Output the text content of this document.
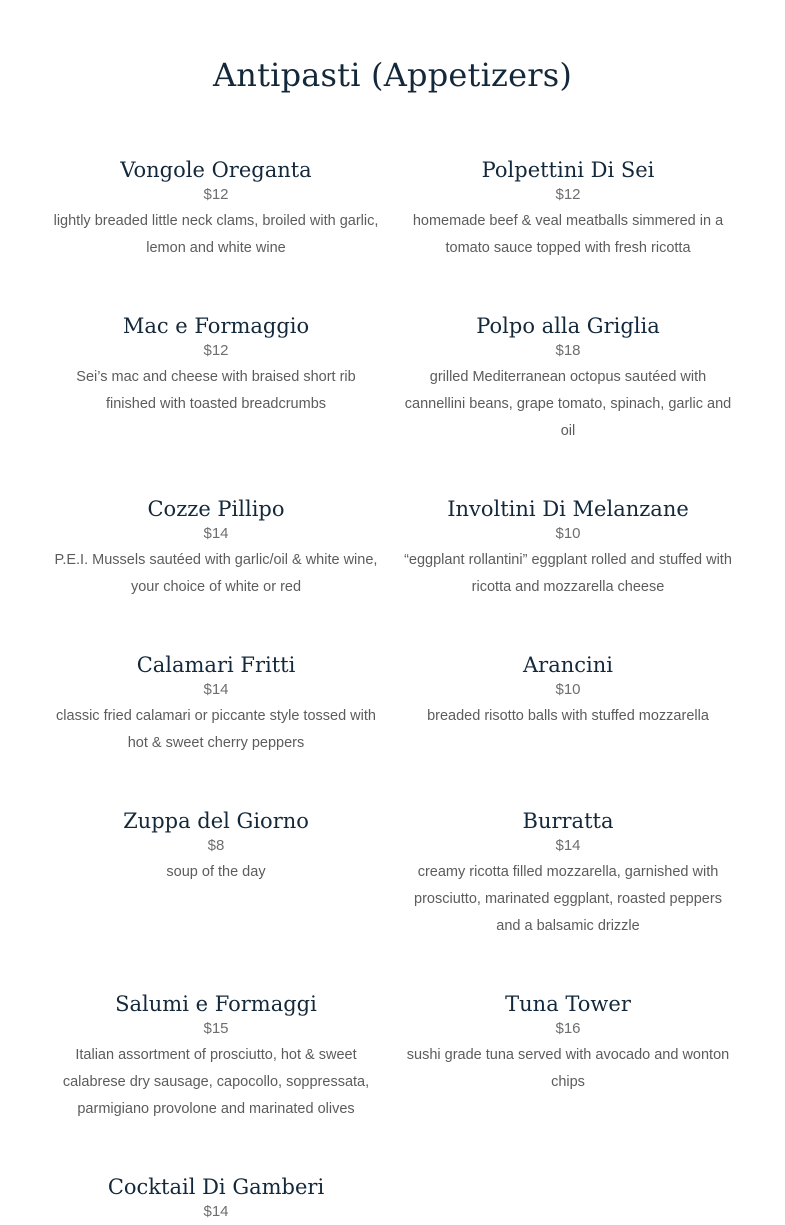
Antipasti (Appetizers)
Vongole Oreganta
$12
lightly breaded little neck clams, broiled with garlic, lemon and white wine
Polpettini Di Sei
$12
homemade beef & veal meatballs simmered in a tomato sauce topped with fresh ricotta
Mac e Formaggio
$12
Sei’s mac and cheese with braised short rib finished with toasted breadcrumbs
Polpo alla Griglia
$18
grilled Mediterranean octopus sautéed with cannellini beans, grape tomato, spinach, garlic and oil
Cozze Pillipo
$14
P.E.I. Mussels sautéed with garlic/oil & white wine, your choice of white or red
Involtini Di Melanzane
$10
“eggplant rollantini” eggplant rolled and stuffed with ricotta and mozzarella cheese
Calamari Fritti
$14
classic fried calamari or piccante style tossed with hot & sweet cherry peppers
Arancini
$10
breaded risotto balls with stuffed mozzarella
Zuppa del Giorno
$8
soup of the day
Burratta
$14
creamy ricotta filled mozzarella, garnished with prosciutto, marinated eggplant, roasted peppers and a balsamic drizzle
Salumi e Formaggi
$15
Italian assortment of prosciutto, hot & sweet calabrese dry sausage, capocollo, soppressata, parmigiano provolone and marinated olives
Tuna Tower
$16
sushi grade tuna served with avocado and wonton chips
Cocktail Di Gamberi
$14
